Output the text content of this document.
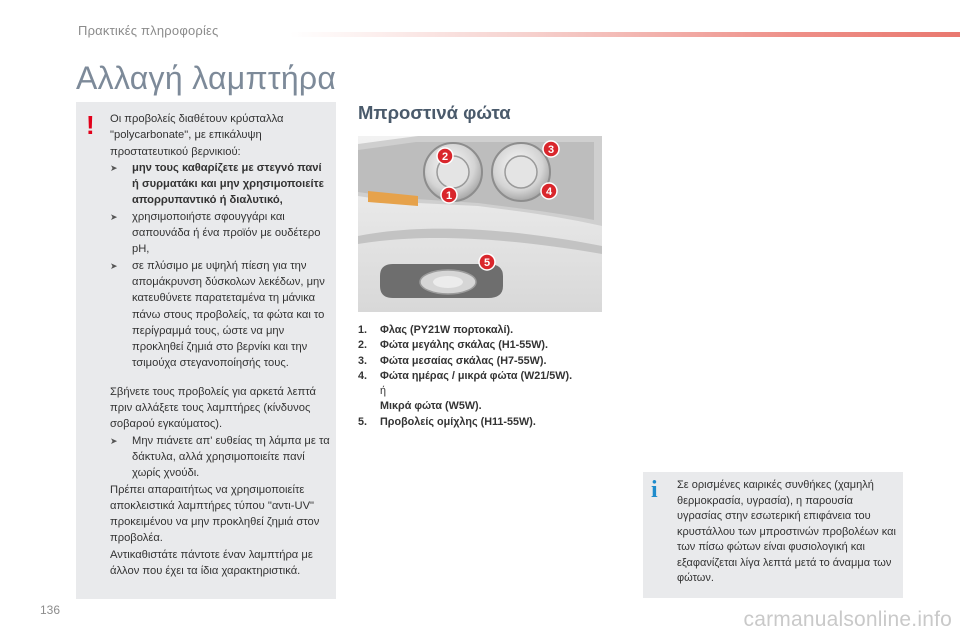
Πρακτικές πληροφορίες
Αλλαγή λαμπτήρα
! Οι προβολείς διαθέτουν κρύσταλλα "polycarbonate", με επικάλυψη προστατευτικού βερνικιού:

➤ μην τους καθαρίζετε με στεγνό πανί ή συρματάκι και μην χρησιμοποιείτε απορρυπαντικό ή διαλυτικό,
➤ χρησιμοποιήστε σφουγγάρι και σαπουνάδα ή ένα προϊόν με ουδέτερο pH,
➤ σε πλύσιμο με υψηλή πίεση για την απομάκρυνση δύσκολων λεκέδων, μην κατευθύνετε παρατεταμένα τη μάνικα πάνω στους προβολείς, τα φώτα και το περίγραμμά τους, ώστε να μην προκληθεί ζημιά στο βερνίκι και την τσιμούχα στεγανοποίησής τους.

Σβήνετε τους προβολείς για αρκετά λεπτά πριν αλλάξετε τους λαμπτήρες (κίνδυνος σοβαρού εγκαύματος).

➤ Μην πιάνετε απ' ευθείας τη λάμπα με τα δάκτυλα, αλλά χρησιμοποιείτε πανί χωρίς χνούδι.

Πρέπει απαραιτήτως να χρησιμοποιείτε αποκλειστικά λαμπτήρες τύπου "αντι-UV" προκειμένου να μην προκληθεί ζημιά στον προβολέα.

Αντικαθιστάτε πάντοτε έναν λαμπτήρα με άλλον που έχει τα ίδια χαρακτηριστικά.

Μπροστινά φώτα
1
2
3
4
5
1. Φλας (PY21W πορτοκαλί).
2. Φώτα μεγάλης σκάλας (H1-55W).
3. Φώτα μεσαίας σκάλας (H7-55W).
4. Φώτα ημέρας / μικρά φώτα (W21/5W).
ή
Μικρά φώτα (W5W).
5. Προβολείς ομίχλης (H11-55W).
i Σε ορισμένες καιρικές συνθήκες (χαμηλή θερμοκρασία, υγρασία), η παρουσία υγρασίας στην εσωτερική επιφάνεια του κρυστάλλου των μπροστινών προβολέων και των πίσω φώτων είναι φυσιολογική και εξαφανίζεται λίγα λεπτά μετά το άναμμα των φώτων.
136	carmanualsonline.info
